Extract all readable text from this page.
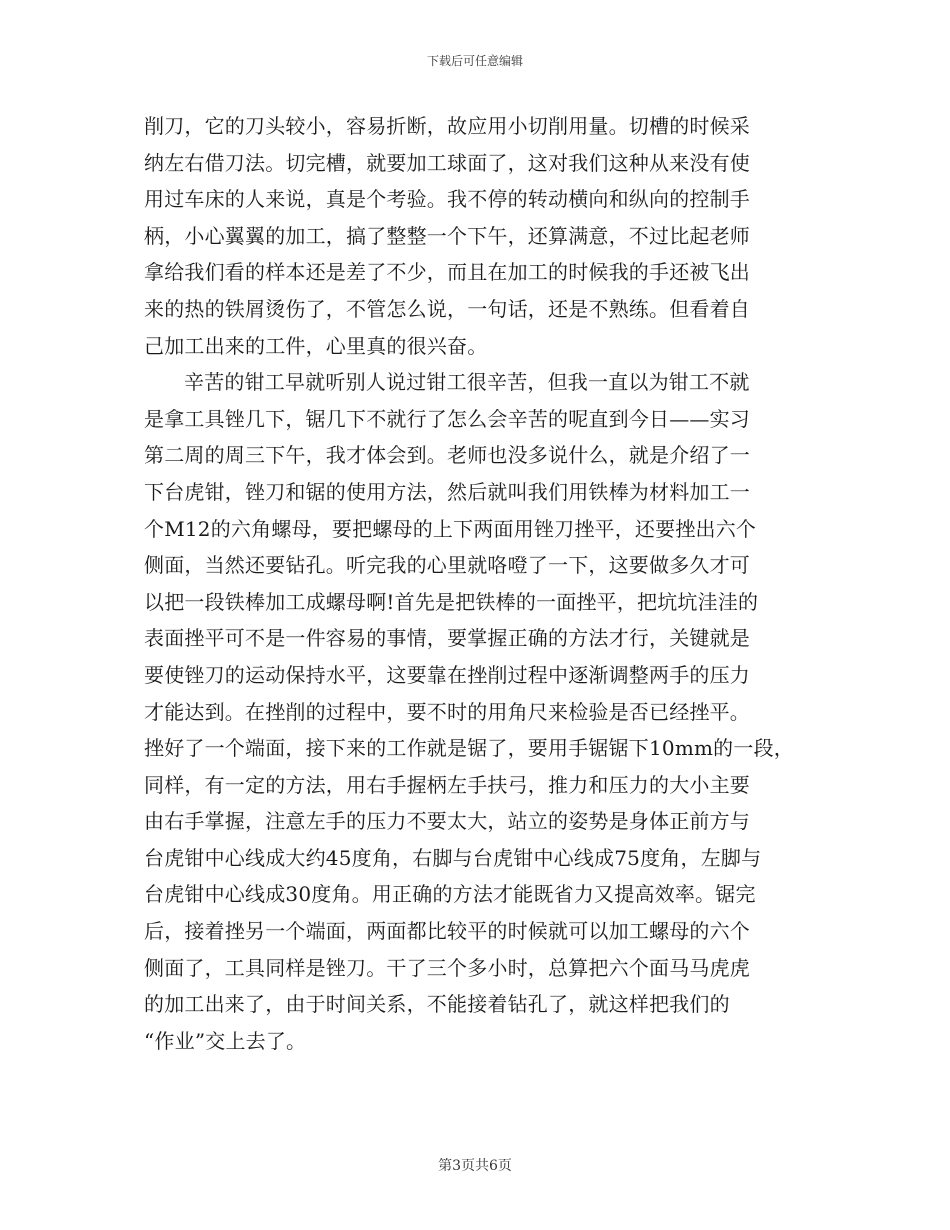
下载后可任意编辑
削刀，它的刀头较小，容易折断，故应用小切削用量。切槽的时候采
纳左右借刀法。切完槽，就要加工球面了，这对我们这种从来没有使
用过车床的人来说，真是个考验。我不停的转动横向和纵向的控制手
柄，小心翼翼的加工，搞了整整一个下午，还算满意，不过比起老师
拿给我们看的样本还是差了不少，而且在加工的时候我的手还被飞出
来的热的铁屑烫伤了，不管怎么说，一句话，还是不熟练。但看着自
己加工出来的工件，心里真的很兴奋。
辛苦的钳工早就听别人说过钳工很辛苦，但我一直以为钳工不就
是拿工具锉几下，锯几下不就行了怎么会辛苦的呢直到今日——实习
第二周的周三下午，我才体会到。老师也没多说什么，就是介绍了一
下台虎钳，锉刀和锯的使用方法，然后就叫我们用铁棒为材料加工一
个M12的六角螺母，要把螺母的上下两面用锉刀挫平，还要挫出六个
侧面，当然还要钻孔。听完我的心里就咯噔了一下，这要做多久才可
以把一段铁棒加工成螺母啊!首先是把铁棒的一面挫平，把坑坑洼洼的
表面挫平可不是一件容易的事情，要掌握正确的方法才行，关键就是
要使锉刀的运动保持水平，这要靠在挫削过程中逐渐调整两手的压力
才能达到。在挫削的过程中，要不时的用角尺来检验是否已经挫平。
挫好了一个端面，接下来的工作就是锯了，要用手锯锯下10mm的一段，
同样，有一定的方法，用右手握柄左手扶弓，推力和压力的大小主要
由右手掌握，注意左手的压力不要太大，站立的姿势是身体正前方与
台虎钳中心线成大约45度角，右脚与台虎钳中心线成75度角，左脚与
台虎钳中心线成30度角。用正确的方法才能既省力又提高效率。锯完
后，接着挫另一个端面，两面都比较平的时候就可以加工螺母的六个
侧面了，工具同样是锉刀。干了三个多小时，总算把六个面马马虎虎
的加工出来了，由于时间关系，不能接着钻孔了，就这样把我们的
“作业”交上去了。
第3页共6页
